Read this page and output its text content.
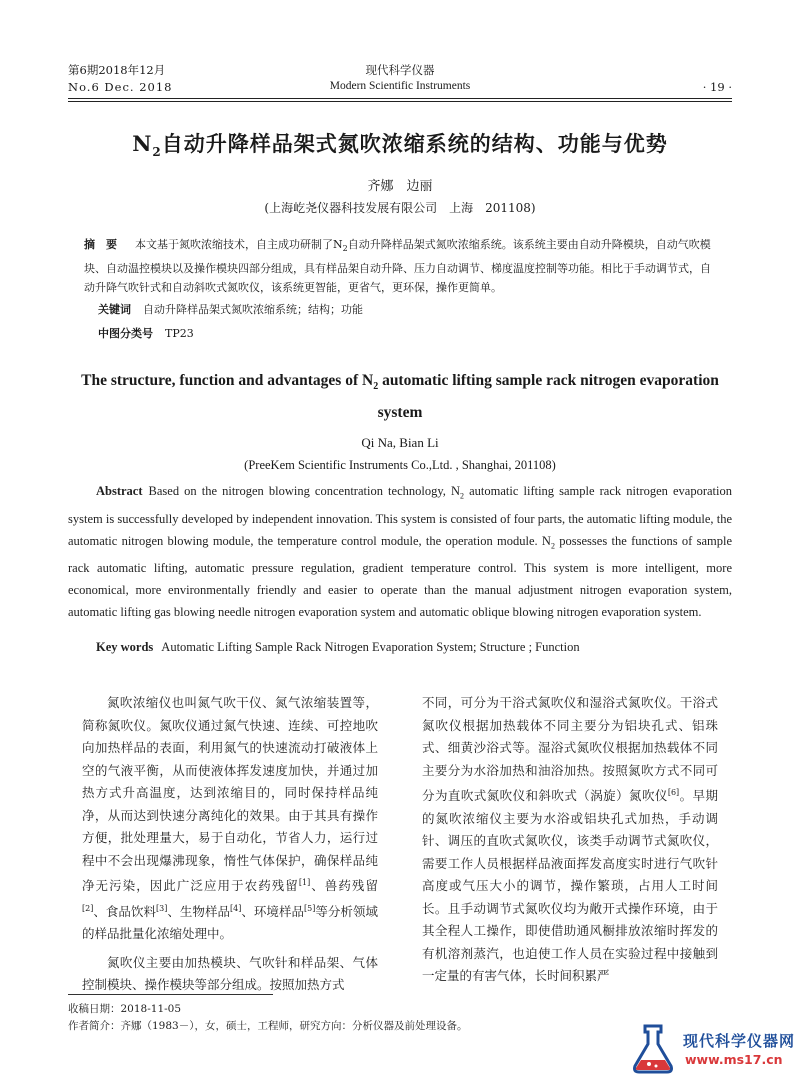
第6期2018年12月
No.6 Dec. 2018
现代科学仪器
Modern Scientific Instruments	· 19 ·
$N_2$自动升降样品架式氮吹浓缩系统的结构、功能与优势
齐娜　边丽
(上海屹尧仪器科技发展有限公司　上海　201108)
摘　要 本文基于氮吹浓缩技术，自主成功研制了$N_2$自动升降样品架式氮吹浓缩系统。该系统主要由自动升降模块，自动气吹模块、自动温控模块以及操作模块四部分组成，具有样品架自动升降、压力自动调节、梯度温度控制等功能。相比于手动调节式，自动升降气吹针式和自动斜吹式氮吹仪，该系统更智能，更省气，更环保，操作更简单。
关键词 自动升降样品架式氮吹浓缩系统；结构；功能
中图分类号 TP23
The structure, function and advantages of $N_2$ automatic lifting sample rack nitrogen evaporation system
Qi Na, Bian Li
(PreeKem Scientific Instruments Co.,Ltd. , Shanghai, 201108)
Abstract Based on the nitrogen blowing concentration technology, $N_2$ automatic lifting sample rack nitrogen evaporation system is successfully developed by independent innovation. This system is consisted of four parts, the automatic lifting module, the automatic nitrogen blowing module, the temperature control module, the operation module. $N_2$ possesses the functions of sample rack automatic lifting, automatic pressure regulation, gradient temperature control. This system is more intelligent, more economical, more environmentally friendly and easier to operate than the manual adjustment nitrogen evaporation system, automatic lifting gas blowing needle nitrogen evaporation system and automatic oblique blowing nitrogen evaporation system.
Key words Automatic Lifting Sample Rack Nitrogen Evaporation System; Structure ; Function

氮吹浓缩仪也叫氮气吹干仪、氮气浓缩装置等，简称氮吹仪。氮吹仪通过氮气快速、连续、可控地吹向加热样品的表面，利用氮气的快速流动打破液体上空的气液平衡，从而使液体挥发速度加快，并通过加热方式升高温度，达到浓缩目的，同时保持样品纯净，从而达到快速分离纯化的效果。由于其具有操作方便，批处理量大，易于自动化，节省人力，运行过程中不会出现爆沸现象，惰性气体保护，确保样品纯净无污染，因此广泛应用于农药残留[1]、兽药残留[2]、食品饮料[3]、生物样品[4]、环境样品[5]等分析领域的样品批量化浓缩处理中。

氮吹仪主要由加热模块、气吹针和样品架、气体控制模块、操作模块等部分组成。按照加热方式

不同，可分为干浴式氮吹仪和湿浴式氮吹仪。干浴式氮吹仪根据加热载体不同主要分为铝块孔式、铝珠式、细黄沙浴式等。湿浴式氮吹仪根据加热载体不同主要分为水浴加热和油浴加热。按照氮吹方式不同可分为直吹式氮吹仪和斜吹式（涡旋）氮吹仪[6]。早期的氮吹浓缩仪主要为水浴或铝块孔式加热，手动调针、调压的直吹式氮吹仪，该类手动调节式氮吹仪，需要工作人员根据样品液面挥发高度实时进行气吹针高度或气压大小的调节，操作繁琐，占用人工时间长。且手动调节式氮吹仪均为敞开式操作环境，由于其全程人工操作，即使借助通风橱排放浓缩时挥发的有机溶剂蒸汽，也迫使工作人员在实验过程中接触到一定量的有害气体，长时间积累严

收稿日期：2018-11-05
作者简介：齐娜（1983－），女，硕士，工程师，研究方向：分析仪器及前处理设备。
现代科学仪器网
www.ms17.cn
